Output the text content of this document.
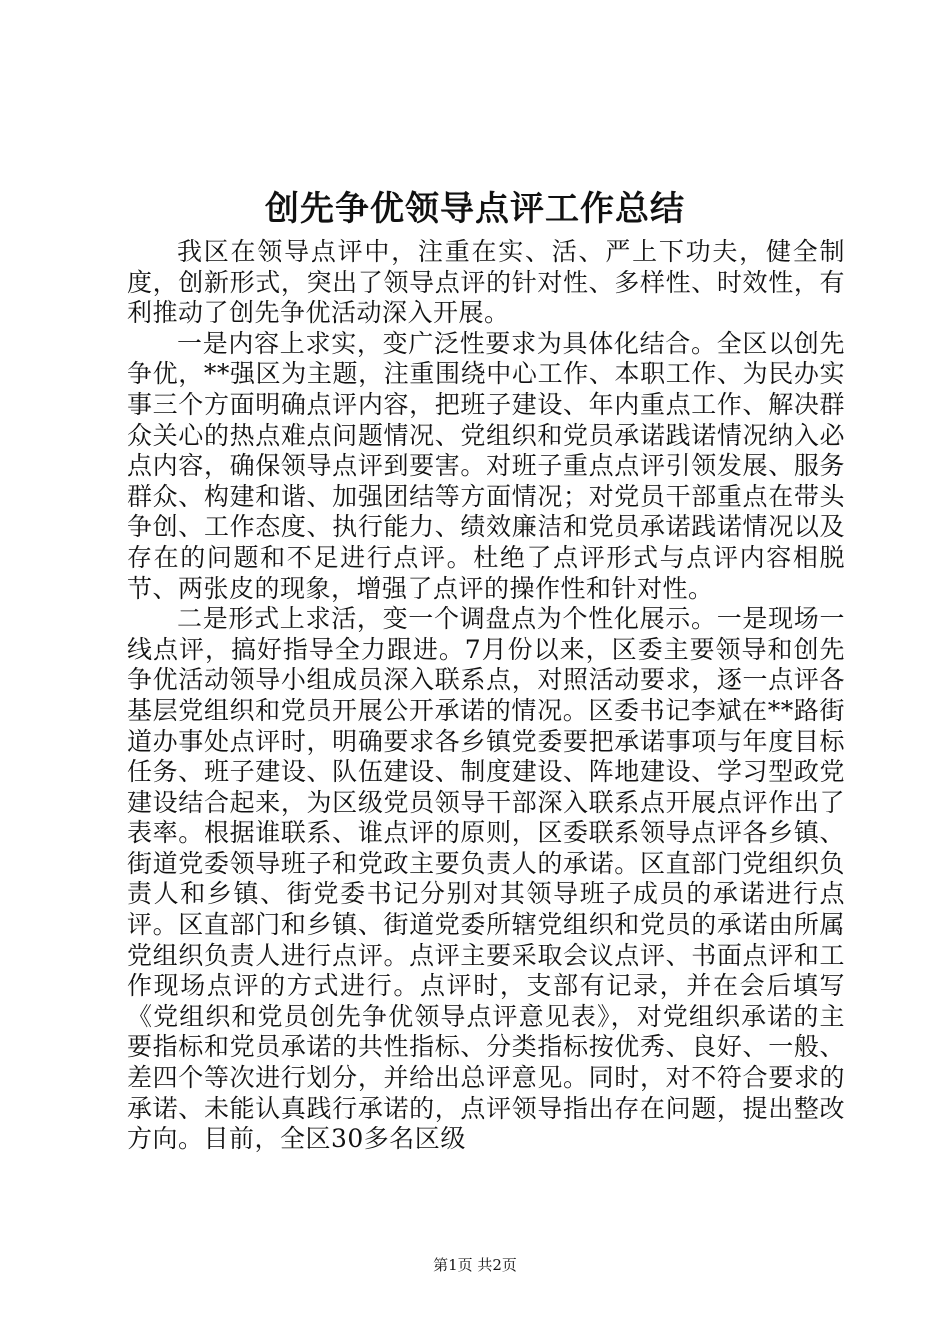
创先争优领导点评工作总结

我区在领导点评中，注重在实、活、严上下功夫，健全制度，创新形式，突出了领导点评的针对性、多样性、时效性，有利推动了创先争优活动深入开展。

一是内容上求实，变广泛性要求为具体化结合。全区以创先争优，**强区为主题，注重围绕中心工作、本职工作、为民办实事三个方面明确点评内容，把班子建设、年内重点工作、解决群众关心的热点难点问题情况、党组织和党员承诺践诺情况纳入必点内容，确保领导点评到要害。对班子重点点评引领发展、服务群众、构建和谐、加强团结等方面情况；对党员干部重点在带头争创、工作态度、执行能力、绩效廉洁和党员承诺践诺情况以及存在的问题和不足进行点评。杜绝了点评形式与点评内容相脱节、两张皮的现象，增强了点评的操作性和针对性。

二是形式上求活，变一个调盘点为个性化展示。一是现场一线点评，搞好指导全力跟进。7月份以来，区委主要领导和创先争优活动领导小组成员深入联系点，对照活动要求，逐一点评各基层党组织和党员开展公开承诺的情况。区委书记李斌在**路街道办事处点评时，明确要求各乡镇党委要把承诺事项与年度目标任务、班子建设、队伍建设、制度建设、阵地建设、学习型政党建设结合起来，为区级党员领导干部深入联系点开展点评作出了表率。根据谁联系、谁点评的原则，区委联系领导点评各乡镇、街道党委领导班子和党政主要负责人的承诺。区直部门党组织负责人和乡镇、街党委书记分别对其领导班子成员的承诺进行点评。区直部门和乡镇、街道党委所辖党组织和党员的承诺由所属党组织负责人进行点评。点评主要采取会议点评、书面点评和工作现场点评的方式进行。点评时，支部有记录，并在会后填写《党组织和党员创先争优领导点评意见表》，对党组织承诺的主要指标和党员承诺的共性指标、分类指标按优秀、良好、一般、差四个等次进行划分，并给出总评意见。同时，对不符合要求的承诺、未能认真践行承诺的，点评领导指出存在问题，提出整改方向。目前，全区30多名区级

第1页 共2页
